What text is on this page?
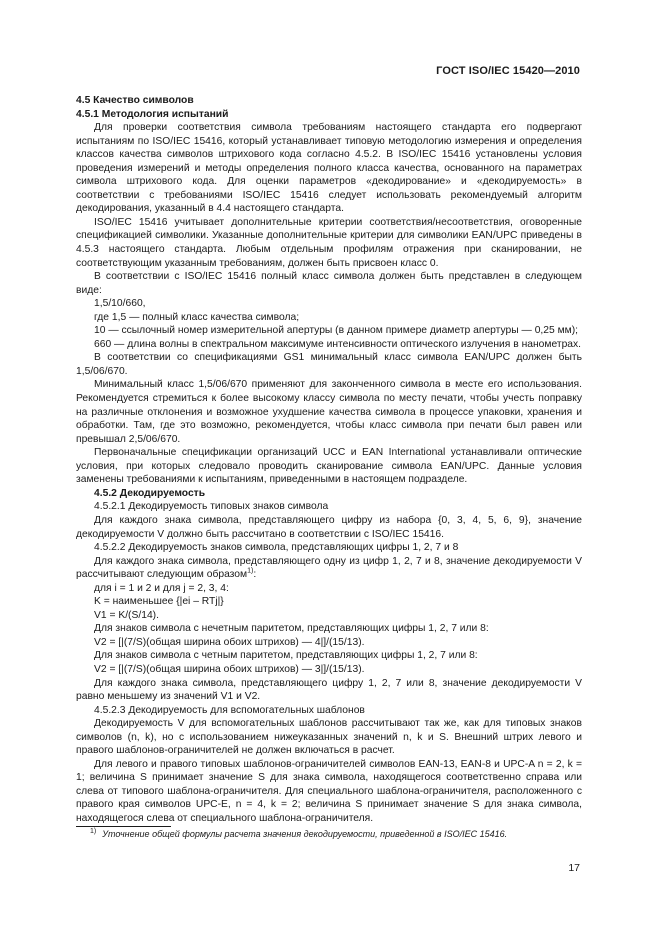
ГОСТ ISO/IEC 15420—2010

4.5 Качество символов

4.5.1 Методология испытаний

Для проверки соответствия символа требованиям настоящего стандарта его подвергают испытаниям по ISO/IEC 15416, который устанавливает типовую методологию измерения и определения классов качества символов штрихового кода согласно 4.5.2. В ISO/IEC 15416 установлены условия проведения измерений и методы определения полного класса качества, основанного на параметрах символа штрихового кода. Для оценки параметров «декодирование» и «декодируемость» в соответствии с требованиями ISO/IEC 15416 следует использовать рекомендуемый алгоритм декодирования, указанный в 4.4 настоящего стандарта.

ISO/IEC 15416 учитывает дополнительные критерии соответствия/несоответствия, оговоренные спецификацией символики. Указанные дополнительные критерии для символики EAN/UPC приведены в 4.5.3 настоящего стандарта. Любым отдельным профилям отражения при сканировании, не соответствующим указанным требованиям, должен быть присвоен класс 0.

В соответствии с ISO/IEC 15416 полный класс символа должен быть представлен в следующем виде:

1,5/10/660,

где 1,5 — полный класс качества символа;

10 — ссылочный номер измерительной апертуры (в данном примере диаметр апертуры — 0,25 мм);

660 — длина волны в спектральном максимуме интенсивности оптического излучения в нанометрах.

В соответствии со спецификациями GS1 минимальный класс символа EAN/UPC должен быть 1,5/06/670.

Минимальный класс 1,5/06/670 применяют для законченного символа в месте его использования. Рекомендуется стремиться к более высокому классу символа по месту печати, чтобы учесть поправку на различные отклонения и возможное ухудшение качества символа в процессе упаковки, хранения и обработки. Там, где это возможно, рекомендуется, чтобы класс символа при печати был равен или превышал 2,5/06/670.

Первоначальные спецификации организаций UCC и EAN International устанавливали оптические условия, при которых следовало проводить сканирование символа EAN/UPC. Данные условия заменены требованиями к испытаниям, приведенными в настоящем подразделе.

4.5.2 Декодируемость

4.5.2.1 Декодируемость типовых знаков символа

Для каждого знака символа, представляющего цифру из набора {0, 3, 4, 5, 6, 9}, значение декодируемости V должно быть рассчитано в соответствии с ISO/IEC 15416.

4.5.2.2 Декодируемость знаков символа, представляющих цифры 1, 2, 7 и 8

Для каждого знака символа, представляющего одну из цифр 1, 2, 7 и 8, значение декодируемости V рассчитывают следующим образом$^{1)}$:

для i = 1 и 2 и для j = 2, 3, 4:

K = наименьшее {|ei – RTj|}

V1 = K/(S/14).

Для знаков символа с нечетным паритетом, представляющих цифры 1, 2, 7 или 8:

V2 = [|(7/S)(общая ширина обоих штрихов) — 4|]/(15/13).

Для знаков символа с четным паритетом, представляющих цифры 1, 2, 7 или 8:

V2 = [|(7/S)(общая ширина обоих штрихов) — 3|]/(15/13).

Для каждого знака символа, представляющего цифру 1, 2, 7 или 8, значение декодируемости V равно меньшему из значений V1 и V2.

4.5.2.3 Декодируемость для вспомогательных шаблонов

Декодируемость V для вспомогательных шаблонов рассчитывают так же, как для типовых знаков символов (n, k), но с использованием нижеуказанных значений n, k и S. Внешний штрих левого и правого шаблонов-ограничителей не должен включаться в расчет.

Для левого и правого типовых шаблонов-ограничителей символов EAN-13, EAN-8 и UPC-A n = 2, k = 1; величина S принимает значение S для знака символа, находящегося соответственно справа или слева от типового шаблона-ограничителя. Для специального шаблона-ограничителя, расположенного с правого края символов UPC-E, n = 4, k = 2; величина S принимает значение S для знака символа, находящегося слева от специального шаблона-ограничителя.

$^{1)}$ Уточнение общей формулы расчета значения декодируемости, приведенной в ISO/IEC 15416.
17
